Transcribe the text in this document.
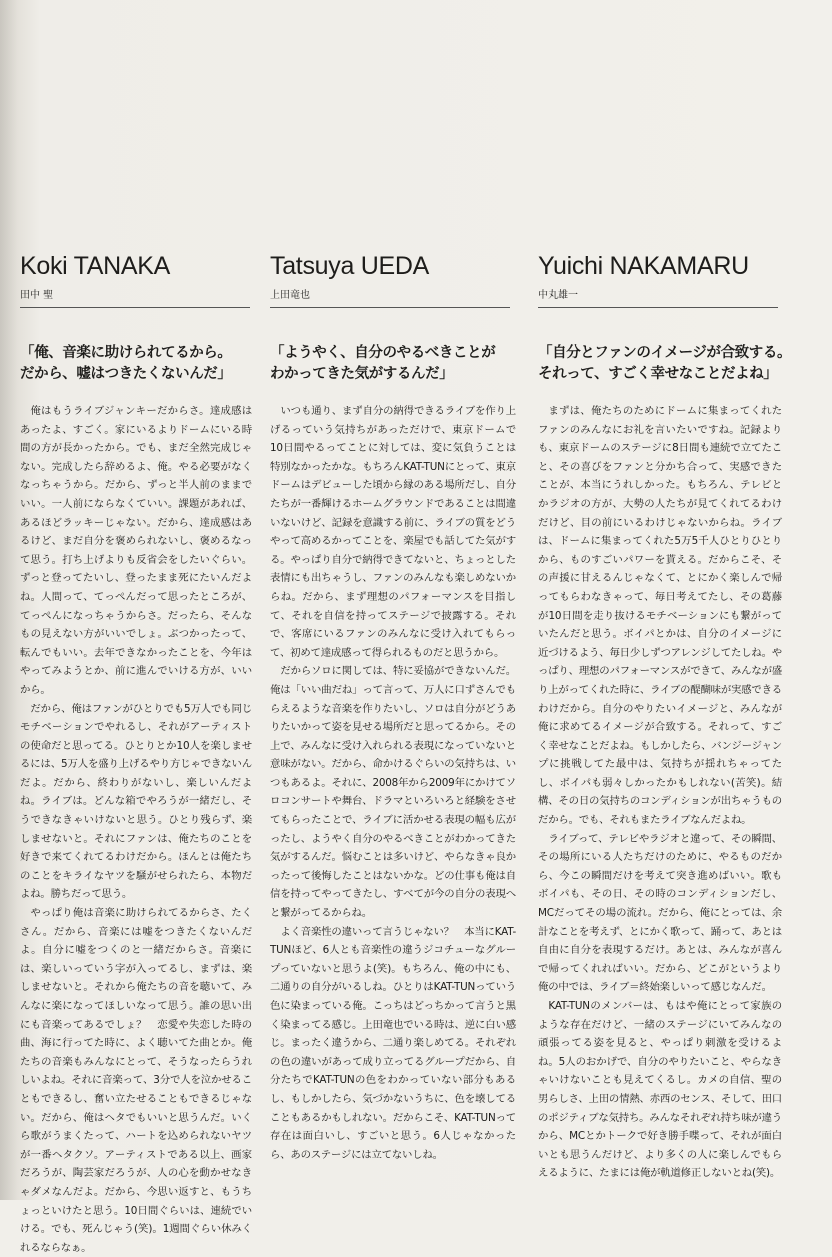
Koki TANAKA
田中 聖
「俺、音楽に助けられてるから。
だから、嘘はつきたくないんだ」

俺はもうライブジャンキーだからさ。達成感はあったよ、すごく。家にいるよりドームにいる時間の方が長かったから。でも、まだ全然完成じゃない。完成したら辞めるよ、俺。やる必要がなくなっちゃうから。だから、ずっと半人前のままでいい。一人前にならなくていい。課題があれば、あるほどラッキーじゃない。だから、達成感はあるけど、まだ自分を褒められないし、褒めるなって思う。打ち上げよりも反省会をしたいぐらい。ずっと登ってたいし、登ったまま死にたいんだよね。人間って、てっぺんだって思ったところが、てっぺんになっちゃうからさ。だったら、そんなもの見えない方がいいでしょ。ぶつかったって、転んでもいい。去年できなかったことを、今年はやってみようとか、前に進んでいける方が、いいから。

だから、俺はファンがひとりでも5万人でも同じモチベーションでやれるし、それがアーティストの使命だと思ってる。ひとりとか10人を楽しませるには、5万人を盛り上げるやり方じゃできないんだよ。だから、終わりがないし、楽しいんだよね。ライブは。どんな箱でやろうが一緒だし、そうできなきゃいけないと思う。ひとり残らず、楽しませないと。それにファンは、俺たちのことを好きで来てくれてるわけだから。ほんとは俺たちのことをキライなヤツを騒がせられたら、本物だよね。勝ちだって思う。

やっぱり俺は音楽に助けられてるからさ、たくさん。だから、音楽には嘘をつきたくないんだよ。自分に嘘をつくのと一緒だからさ。音楽には、楽しいっていう字が入ってるし、まずは、楽しませないと。それから俺たちの音を聴いて、みんなに楽になってほしいなって思う。誰の思い出にも音楽ってあるでしょ？　恋愛や失恋した時の曲、海に行ってた時に、よく聴いてた曲とか。俺たちの音楽もみんなにとって、そうなったらうれしいよね。それに音楽って、3分で人を泣かせることもできるし、奮い立たせることもできるじゃない。だから、俺はヘタでもいいと思うんだ。いくら歌がうまくたって、ハートを込められないヤツが一番ヘタクソ。アーティストである以上、画家だろうが、陶芸家だろうが、人の心を動かせなきゃダメなんだよ。だから、今思い返すと、もうちょっといけたと思う。10日間ぐらいは、連続でいける。でも、死んじゃう(笑)。1週間ぐらい休みくれるならなぁ。

Tatsuya UEDA
上田竜也
「ようやく、自分のやるべきことが
わかってきた気がするんだ」

いつも通り、まず自分の納得できるライブを作り上げるっていう気持ちがあっただけで、東京ドームで10日間やるってことに対しては、変に気負うことは特別なかったかな。もちろんKAT-TUNにとって、東京ドームはデビューした頃から縁のある場所だし、自分たちが一番輝けるホームグラウンドであることは間違いないけど、記録を意識する前に、ライブの質をどうやって高めるかってことを、楽屋でも話してた気がする。やっぱり自分で納得できてないと、ちょっとした表情にも出ちゃうし、ファンのみんなも楽しめないからね。だから、まず理想のパフォーマンスを目指して、それを自信を持ってステージで披露する。それで、客席にいるファンのみんなに受け入れてもらって、初めて達成感って得られるものだと思うから。

だからソロに関しては、特に妥協ができないんだ。俺は「いい曲だね」って言って、万人に口ずさんでもらえるような音楽を作りたいし、ソロは自分がどうありたいかって姿を見せる場所だと思ってるから。その上で、みんなに受け入れられる表現になっていないと意味がない。だから、命かけるぐらいの気持ちは、いつもあるよ。それに、2008年から2009年にかけてソロコンサートや舞台、ドラマといろいろと経験をさせてもらったことで、ライブに活かせる表現の幅も広がったし、ようやく自分のやるべきことがわかってきた気がするんだ。悩むことは多いけど、やらなきゃ良かったって後悔したことはないかな。どの仕事も俺は自信を持ってやってきたし、すべてが今の自分の表現へと繋がってるからね。

よく音楽性の違いって言うじゃない？　本当にKAT-TUNほど、6人とも音楽性の違うジコチューなグループっていないと思うよ(笑)。もちろん、俺の中にも、二通りの自分がいるしね。ひとりはKAT-TUNっていう色に染まっている俺。こっちはどっちかって言うと黒く染まってる感じ。上田竜也でいる時は、逆に白い感じ。まったく違うから、二通り楽しめてる。それぞれの色の違いがあって成り立ってるグループだから、自分たちでKAT-TUNの色をわかっていない部分もあるし、もしかしたら、気づかないうちに、色を壊してることもあるかもしれない。だからこそ、KAT-TUNって存在は面白いし、すごいと思う。6人じゃなかったら、あのステージには立てないしね。

Yuichi NAKAMARU
中丸雄一
「自分とファンのイメージが合致する。
それって、すごく幸せなことだよね」

まずは、俺たちのためにドームに集まってくれたファンのみんなにお礼を言いたいですね。記録よりも、東京ドームのステージに8日間も連続で立てたこと、その喜びをファンと分かち合って、実感できたことが、本当にうれしかった。もちろん、テレビとかラジオの方が、大勢の人たちが見てくれてるわけだけど、目の前にいるわけじゃないからね。ライブは、ドームに集まってくれた5万5千人ひとりひとりから、ものすごいパワーを貰える。だからこそ、その声援に甘えるんじゃなくて、とにかく楽しんで帰ってもらわなきゃって、毎日考えてたし、その葛藤が10日間を走り抜けるモチベーションにも繋がっていたんだと思う。ボイパとかは、自分のイメージに近づけるよう、毎日少しずつアレンジしてたしね。やっぱり、理想のパフォーマンスができて、みんなが盛り上がってくれた時に、ライブの醍醐味が実感できるわけだから。自分のやりたいイメージと、みんなが俺に求めてるイメージが合致する。それって、すごく幸せなことだよね。もしかしたら、バンジージャンプに挑戦してた最中は、気持ちが揺れちゃってたし、ボイパも弱々しかったかもしれない(苦笑)。結構、その日の気持ちのコンディションが出ちゃうものだから。でも、それもまたライブなんだよね。

ライブって、テレビやラジオと違って、その瞬間、その場所にいる人たちだけのために、やるものだから、今この瞬間だけを考えて突き進めばいい。歌もボイパも、その日、その時のコンディションだし、MCだってその場の流れ。だから、俺にとっては、余計なことを考えず、とにかく歌って、踊って、あとは自由に自分を表現するだけ。あとは、みんなが喜んで帰ってくれればいい。だから、どこがというより俺の中では、ライブ＝終始楽しいって感じなんだ。

KAT-TUNのメンバーは、もはや俺にとって家族のような存在だけど、一緒のステージにいてみんなの頑張ってる姿を見ると、やっぱり刺激を受けるよね。5人のおかげで、自分のやりたいこと、やらなきゃいけないことも見えてくるし。カメの自信、聖の男らしさ、上田の情熱、赤西のセンス、そして、田口のポジティブな気持ち。みんなそれぞれ持ち味が違うから、MCとかトークで好き勝手喋って、それが面白いとも思うんだけど、より多くの人に楽しんでもらえるように、たまには俺が軌道修正しないとね(笑)。
